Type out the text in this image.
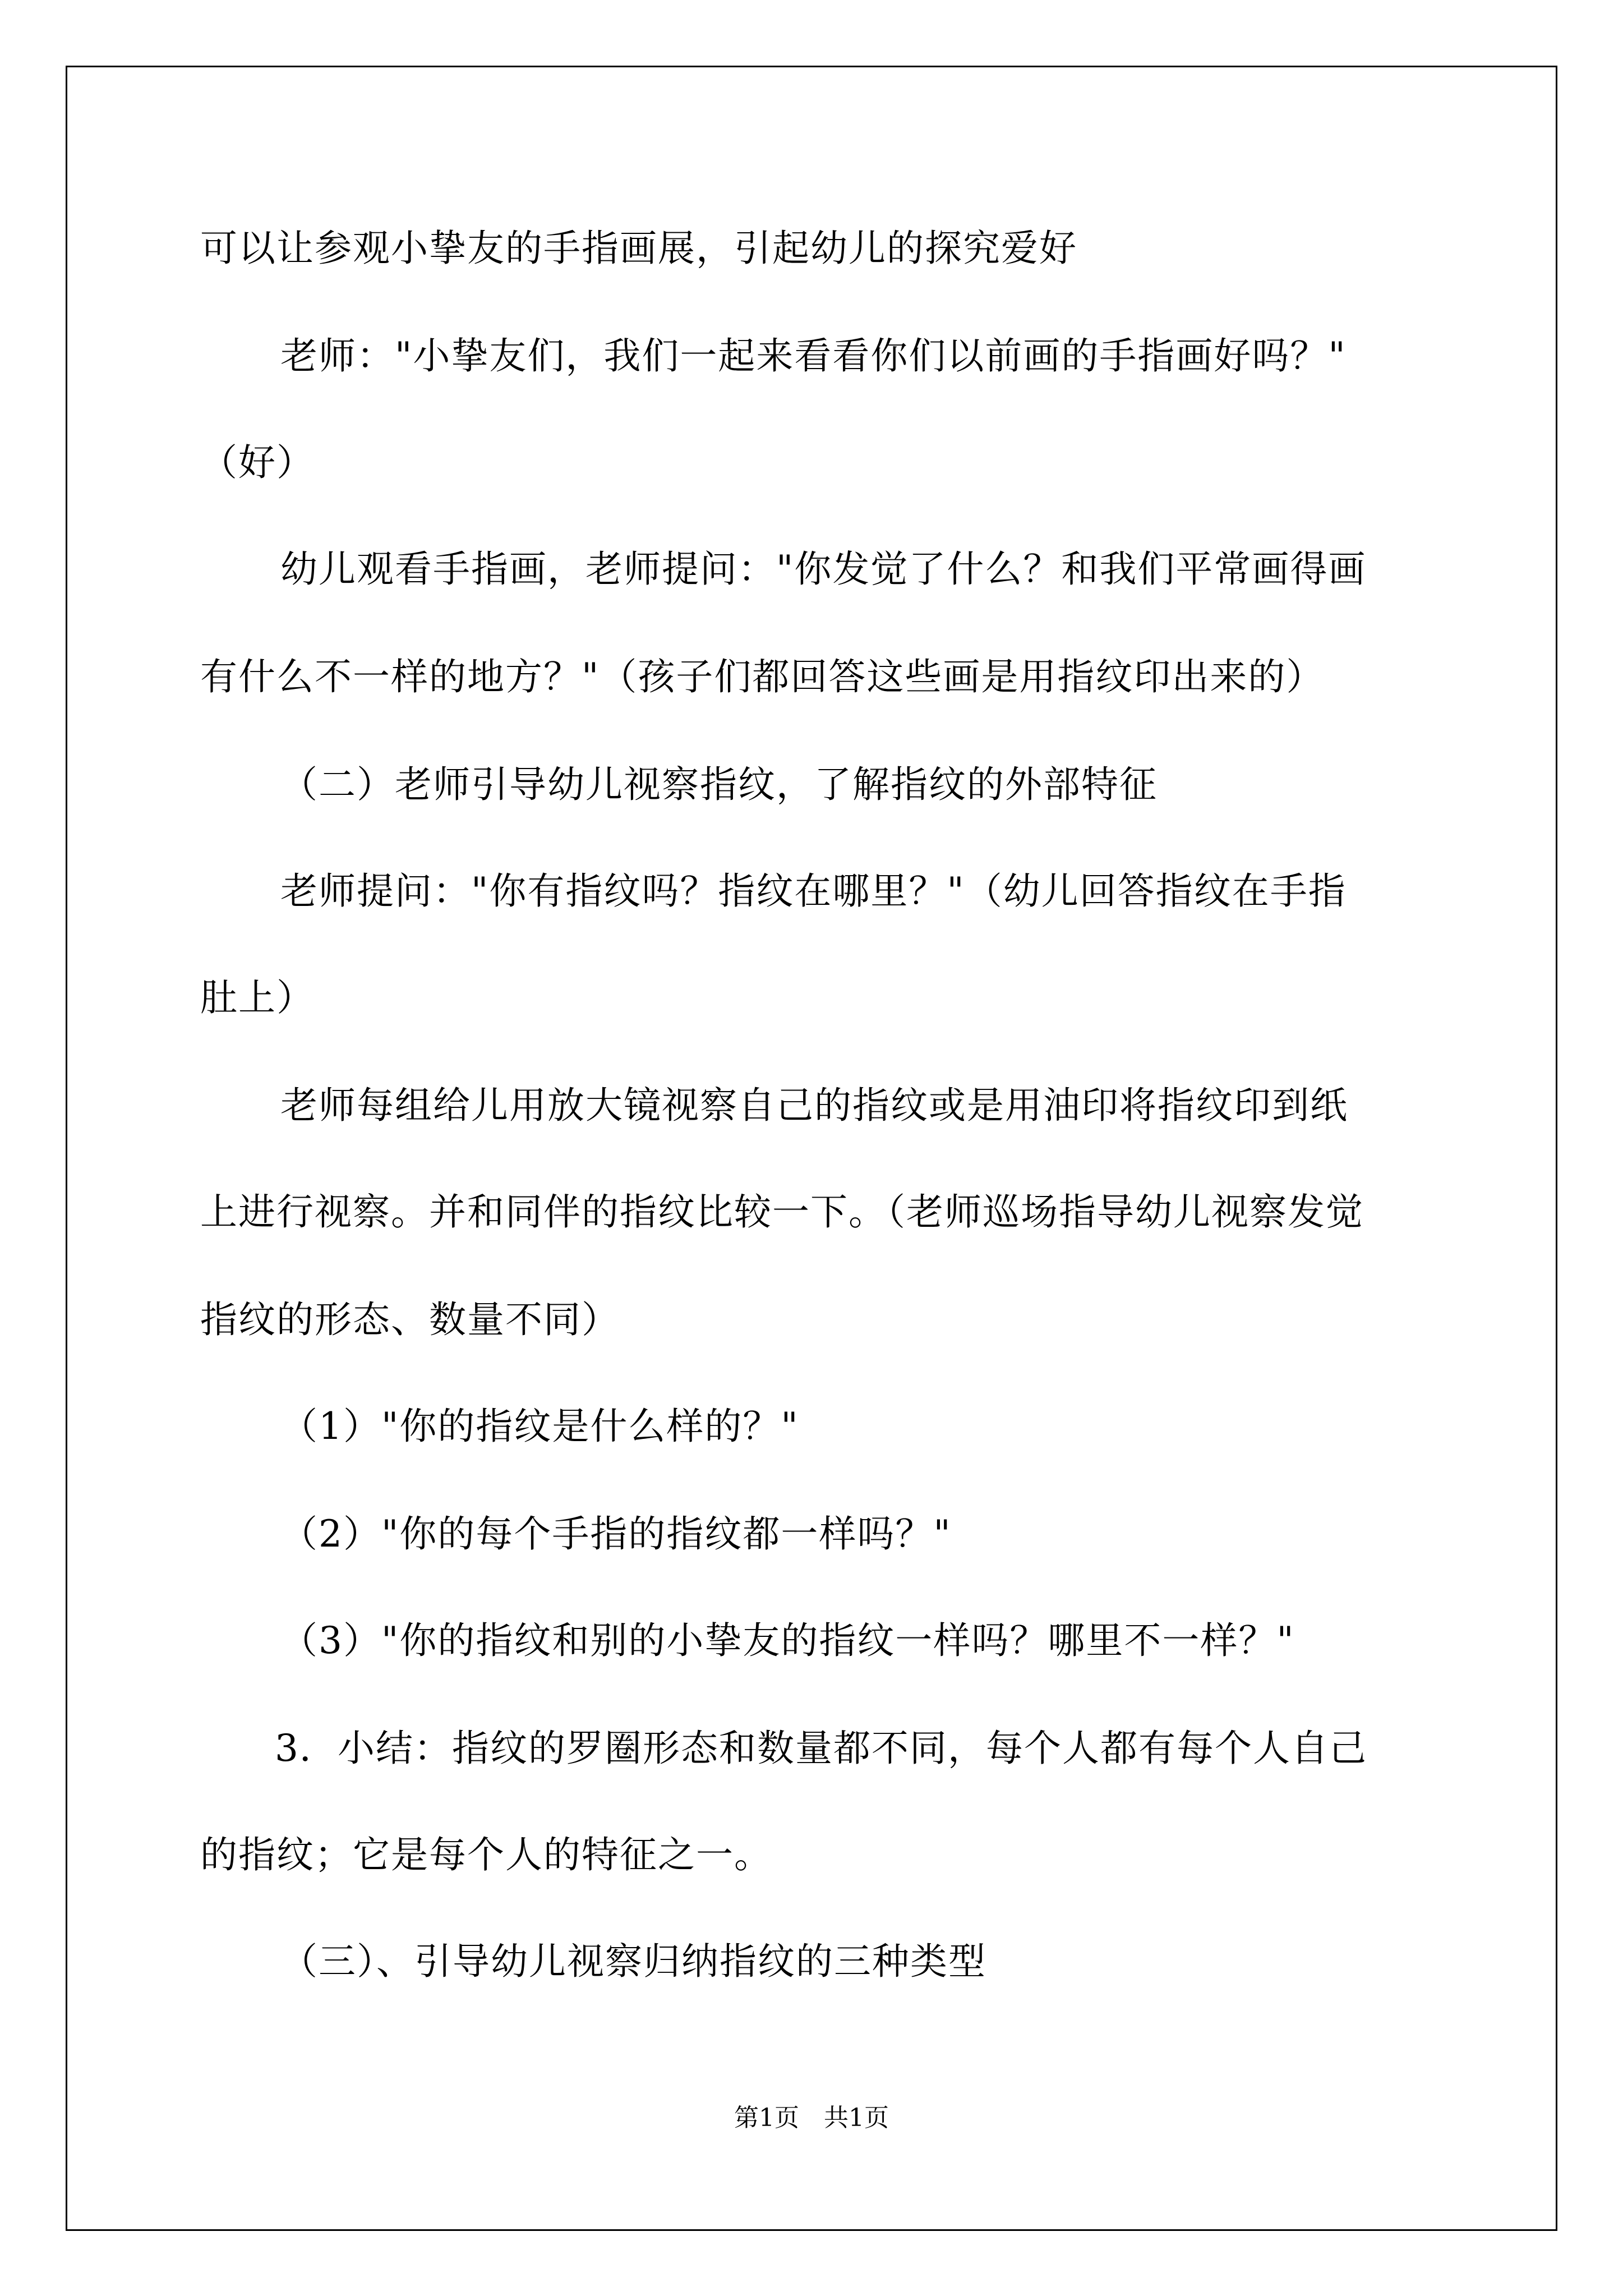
可以让参观小挚友的手指画展，引起幼儿的探究爱好
老师："小挚友们，我们一起来看看你们以前画的手指画好吗？"
（好）
幼儿观看手指画，老师提问："你发觉了什么？和我们平常画得画
有什么不一样的地方？"（孩子们都回答这些画是用指纹印出来的）
（二）老师引导幼儿视察指纹，了解指纹的外部特征
老师提问："你有指纹吗？指纹在哪里？"（幼儿回答指纹在手指
肚上）
老师每组给儿用放大镜视察自己的指纹或是用油印将指纹印到纸
上进行视察。并和同伴的指纹比较一下。（老师巡场指导幼儿视察发觉
指纹的形态、数量不同）
（1）"你的指纹是什么样的？"
（2）"你的每个手指的指纹都一样吗？"
（3）"你的指纹和别的小挚友的指纹一样吗？哪里不一样？"
3．小结：指纹的罗圈形态和数量都不同，每个人都有每个人自己
的指纹；它是每个人的特征之一。
（三）、引导幼儿视察归纳指纹的三种类型
第1页　共1页
